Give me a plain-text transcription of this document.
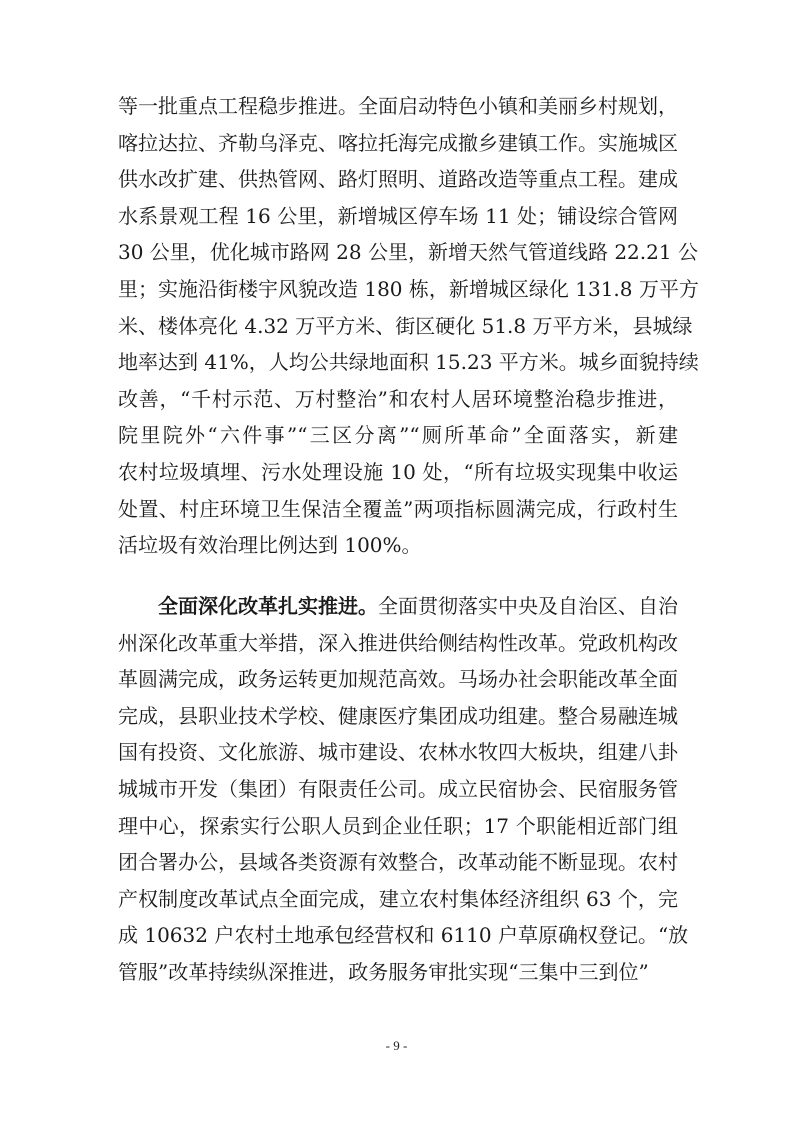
等一批重点工程稳步推进。全面启动特色小镇和美丽乡村规划，
喀拉达拉、齐勒乌泽克、喀拉托海完成撤乡建镇工作。实施城区
供水改扩建、供热管网、路灯照明、道路改造等重点工程。建成
水系景观工程 16 公里，新增城区停车场 11 处；铺设综合管网
30 公里，优化城市路网 28 公里，新增天然气管道线路 22.21 公
里；实施沿街楼宇风貌改造 180 栋，新增城区绿化 131.8 万平方
米、楼体亮化 4.32 万平方米、街区硬化 51.8 万平方米，县城绿
地率达到 41%，人均公共绿地面积 15.23 平方米。城乡面貌持续
改善，“千村示范、万村整治”和农村人居环境整治稳步推进，
院里院外“六件事”“三区分离”“厕所革命”全面落实，新建
农村垃圾填埋、污水处理设施 10 处，“所有垃圾实现集中收运
处置、村庄环境卫生保洁全覆盖”两项指标圆满完成，行政村生
活垃圾有效治理比例达到 100%。
全面深化改革扎实推进。全面贯彻落实中央及自治区、自治
州深化改革重大举措，深入推进供给侧结构性改革。党政机构改
革圆满完成，政务运转更加规范高效。马场办社会职能改革全面
完成，县职业技术学校、健康医疗集团成功组建。整合易融连城
国有投资、文化旅游、城市建设、农林水牧四大板块，组建八卦
城城市开发（集团）有限责任公司。成立民宿协会、民宿服务管
理中心，探索实行公职人员到企业任职；17 个职能相近部门组
团合署办公，县域各类资源有效整合，改革动能不断显现。农村
产权制度改革试点全面完成，建立农村集体经济组织 63 个，完
成 10632 户农村土地承包经营权和 6110 户草原确权登记。“放
管服”改革持续纵深推进，政务服务审批实现“三集中三到位”
- 9 -
